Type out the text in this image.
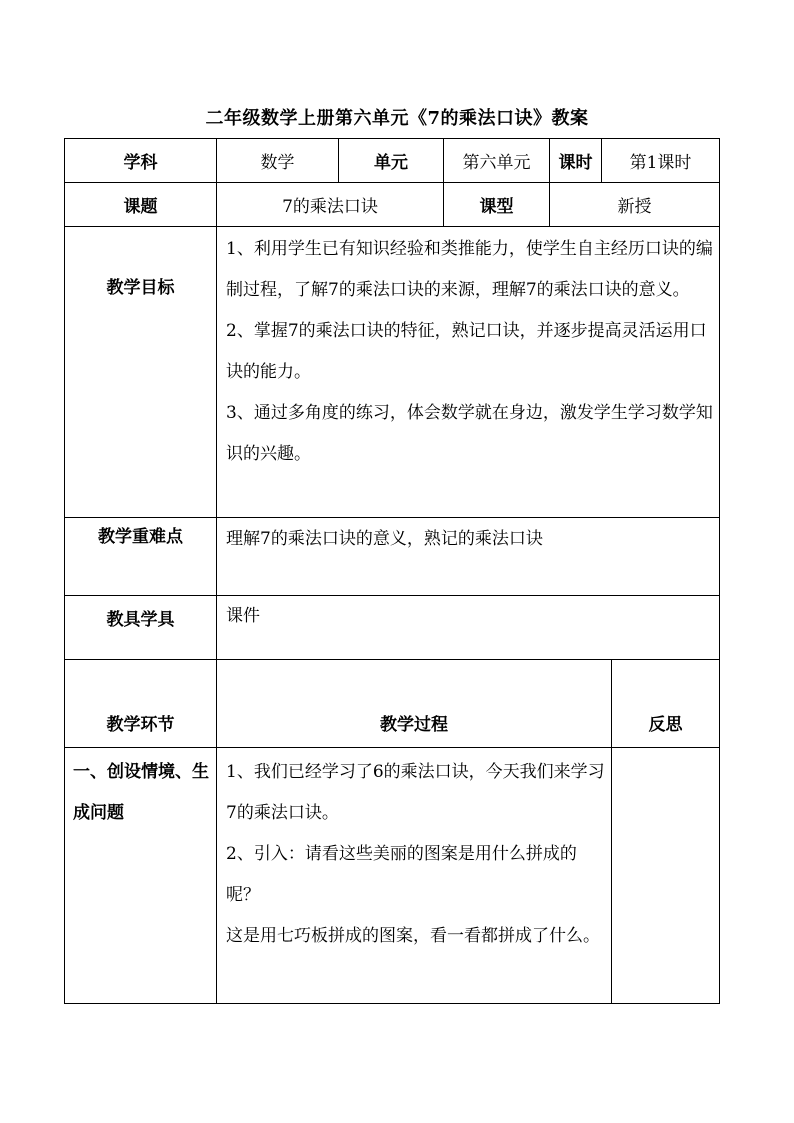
二年级数学上册第六单元《7的乘法口诀》教案
学科	数学	单元	第六单元	课时	第1课时
课题	7的乘法口诀		课型	新授	
教学目标	1、利用学生已有知识经验和类推能力，使学生自主经历口诀的编制过程，了解7的乘法口诀的来源，理解7的乘法口诀的意义。

2、掌握7的乘法口诀的特征，熟记口诀，并逐步提高灵活运用口诀的能力。

3、通过多角度的练习，体会数学就在身边，激发学生学习数学知识的兴趣。				

教学重难点	理解7的乘法口诀的意义，熟记的乘法口诀				

教具学具	课件				

教学环节	教学过程	反思
一、创设情境、生成问题	1、我们已经学习了6的乘法口诀，今天我们来学习7的乘法口诀。

2、引入：请看这些美丽的图案是用什么拼成的呢？

这是用七巧板拼成的图案，看一看都拼成了什么。	
